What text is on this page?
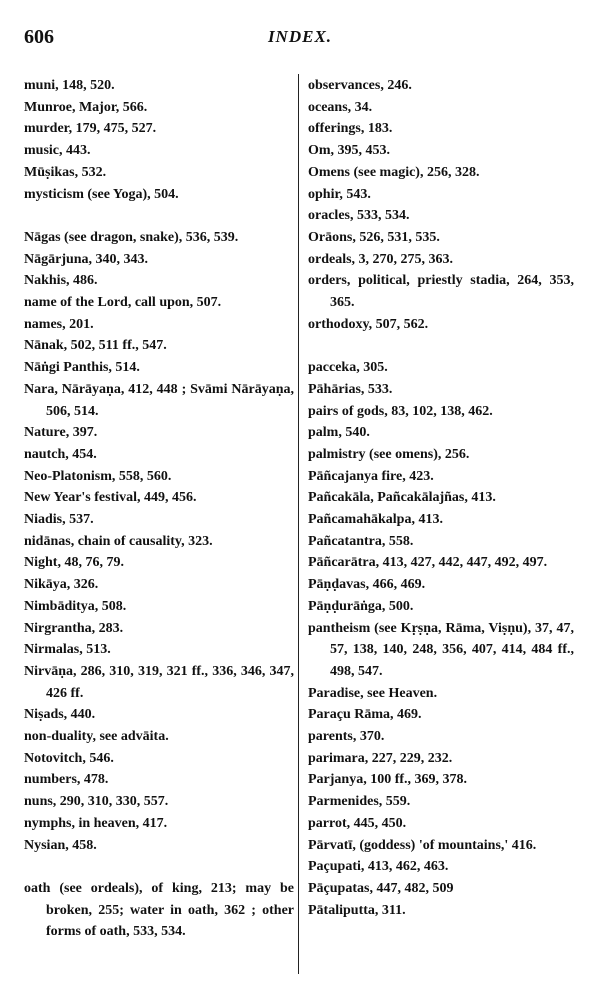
606	INDEX.
muni, 148, 520.
Munroe, Major, 566.
murder, 179, 475, 527.
music, 443.
Mūṣikas, 532.
mysticism (see Yoga), 504.
Nāgas (see dragon, snake), 536, 539.
Nāgārjuna, 340, 343.
Nakhis, 486.
name of the Lord, call upon, 507.
names, 201.
Nānak, 502, 511 ff., 547.
Nāṅgi Panthis, 514.
Nara, Nārāyaṇa, 412, 448 ; Svāmi Nārāyaṇa, 506, 514.
Nature, 397.
nautch, 454.
Neo-Platonism, 558, 560.
New Year's festival, 449, 456.
Niadis, 537.
nidānas, chain of causality, 323.
Night, 48, 76, 79.
Nikāya, 326.
Nimbāditya, 508.
Nirgrantha, 283.
Nirmalas, 513.
Nirvāṇa, 286, 310, 319, 321 ff., 336, 346, 347, 426 ff.
Niṣads, 440.
non-duality, see advāita.
Notovitch, 546.
numbers, 478.
nuns, 290, 310, 330, 557.
nymphs, in heaven, 417.
Nysian, 458.
oath (see ordeals), of king, 213; may be broken, 255; water in oath, 362 ; other forms of oath, 533, 534.
observances, 246.
oceans, 34.
offerings, 183.
Om, 395, 453.
Omens (see magic), 256, 328.
ophir, 543.
oracles, 533, 534.
Orāons, 526, 531, 535.
ordeals, 3, 270, 275, 363.
orders, political, priestly stadia, 264, 353, 365.
orthodoxy, 507, 562.
pacceka, 305.
Pāhārias, 533.
pairs of gods, 83, 102, 138, 462.
palm, 540.
palmistry (see omens), 256.
Pāñcajanya fire, 423.
Pañcakāla, Pañcakālajñas, 413.
Pañcamahākalpa, 413.
Pañcatantra, 558.
Pāñcarātra, 413, 427, 442, 447, 492, 497.
Pāṇḍavas, 466, 469.
Pāṇḍurāṅga, 500.
pantheism (see Kṛṣṇa, Rāma, Viṣṇu), 37, 47, 57, 138, 140, 248, 356, 407, 414, 484 ff., 498, 547.
Paradise, see Heaven.
Paraçu Rāma, 469.
parents, 370.
parimara, 227, 229, 232.
Parjanya, 100 ff., 369, 378.
Parmenides, 559.
parrot, 445, 450.
Pārvatī, (goddess) 'of mountains,' 416.
Paçupati, 413, 462, 463.
Pāçupatas, 447, 482, 509
Pātaliputta, 311.
